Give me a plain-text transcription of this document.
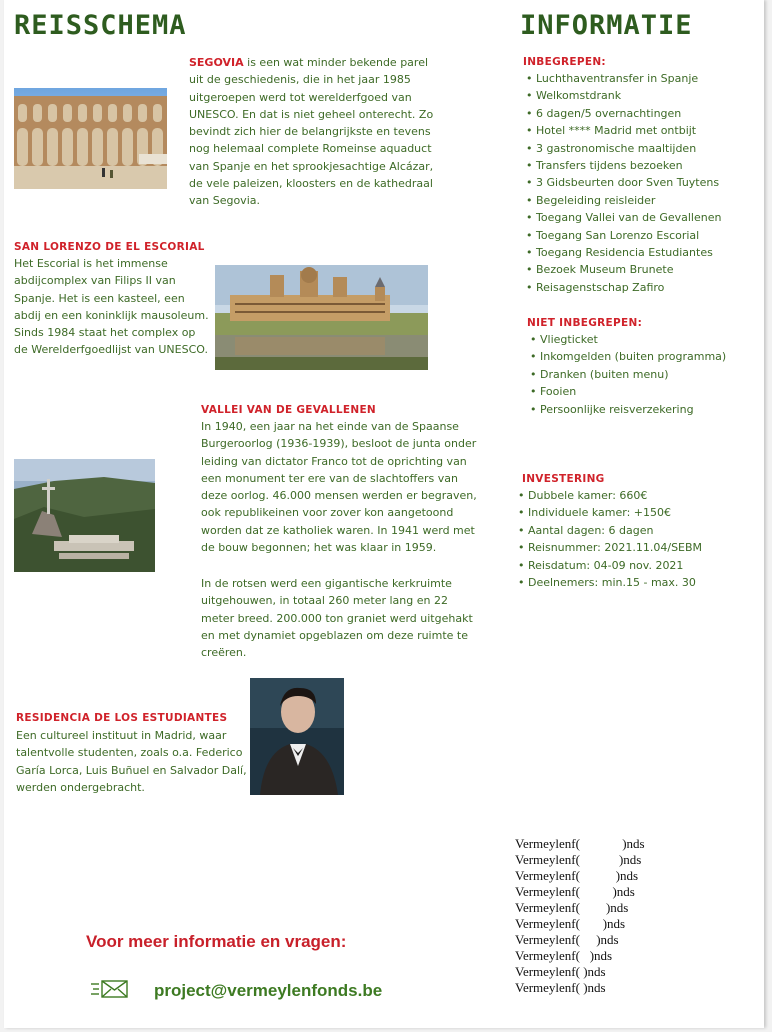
REISSCHEMA

SEGOVIA is een wat minder bekende parel uit de geschiedenis, die in het jaar 1985 uitgeroepen werd tot werelderfgoed van UNESCO. En dat is niet geheel onterecht. Zo bevindt zich hier de belangrijkste en tevens nog helemaal complete Romeinse aquaduct van Spanje en het sprookjesachtige Alcázar, de vele paleizen, kloosters en de kathedraal van Segovia.

SAN LORENZO DE EL ESCORIAL

Het Escorial is het immense abdijcomplex van Filips II van Spanje. Het is een kasteel, een abdij en een koninklijk mausoleum. Sinds 1984 staat het complex op de Werelderfgoedlijst van UNESCO.

VALLEI VAN DE GEVALLENEN

In 1940, een jaar na het einde van de Spaanse Burgeroorlog (1936-1939), besloot de junta onder leiding van dictator Franco tot de oprichting van een monument ter ere van de slachtoffers van deze oorlog. 46.000 mensen werden er begraven, ook republikeinen voor zover kon aangetoond worden dat ze katholiek waren. In 1941 werd met de bouw begonnen; het was klaar in 1959.

In de rotsen werd een gigantische kerkruimte uitgehouwen, in totaal 260 meter lang en 22 meter breed. 200.000 ton graniet werd uitgehakt en met dynamiet opgeblazen om deze ruimte te creëren.

RESIDENCIA DE LOS ESTUDIANTES

Een cultureel instituut in Madrid, waar talentvolle studenten, zoals o.a. Federico Garía Lorca, Luis Buñuel en Salvador Dalí, werden ondergebracht.

INFORMATIE
INBEGREPEN:
• Luchthaventransfer in Spanje
• Welkomstdrank
• 6 dagen/5 overnachtingen
• Hotel **** Madrid met ontbijt
• 3 gastronomische maaltijden
• Transfers tijdens bezoeken
• 3 Gidsbeurten door Sven Tuytens
• Begeleiding reisleider
• Toegang Vallei van de Gevallenen
• Toegang San Lorenzo Escorial
• Toegang Residencia Estudiantes
• Bezoek Museum Brunete
• Reisagenstschap Zafiro
NIET INBEGREPEN:
• Vliegticket
• Inkomgelden (buiten programma)
• Dranken (buiten menu)
• Fooien
• Persoonlijke reisverzekering
INVESTERING
• Dubbele kamer: 660€
• Individuele kamer: +150€
• Aantal dagen: 6 dagen
• Reisnummer: 2021.11.04/SEBM
• Reisdatum: 04-09 nov. 2021
• Deelnemers: min.15 - max. 30
Vermeylenf(             )nds
Vermeylenf(            )nds
Vermeylenf(           )nds
Vermeylenf(          )nds
Vermeylenf(        )nds
Vermeylenf(       )nds
Vermeylenf(     )nds
Vermeylenf(   )nds
Vermeylenf( )nds
Vermeylenf( )nds
Voor meer informatie en vragen:
project@vermeylenfonds.be
